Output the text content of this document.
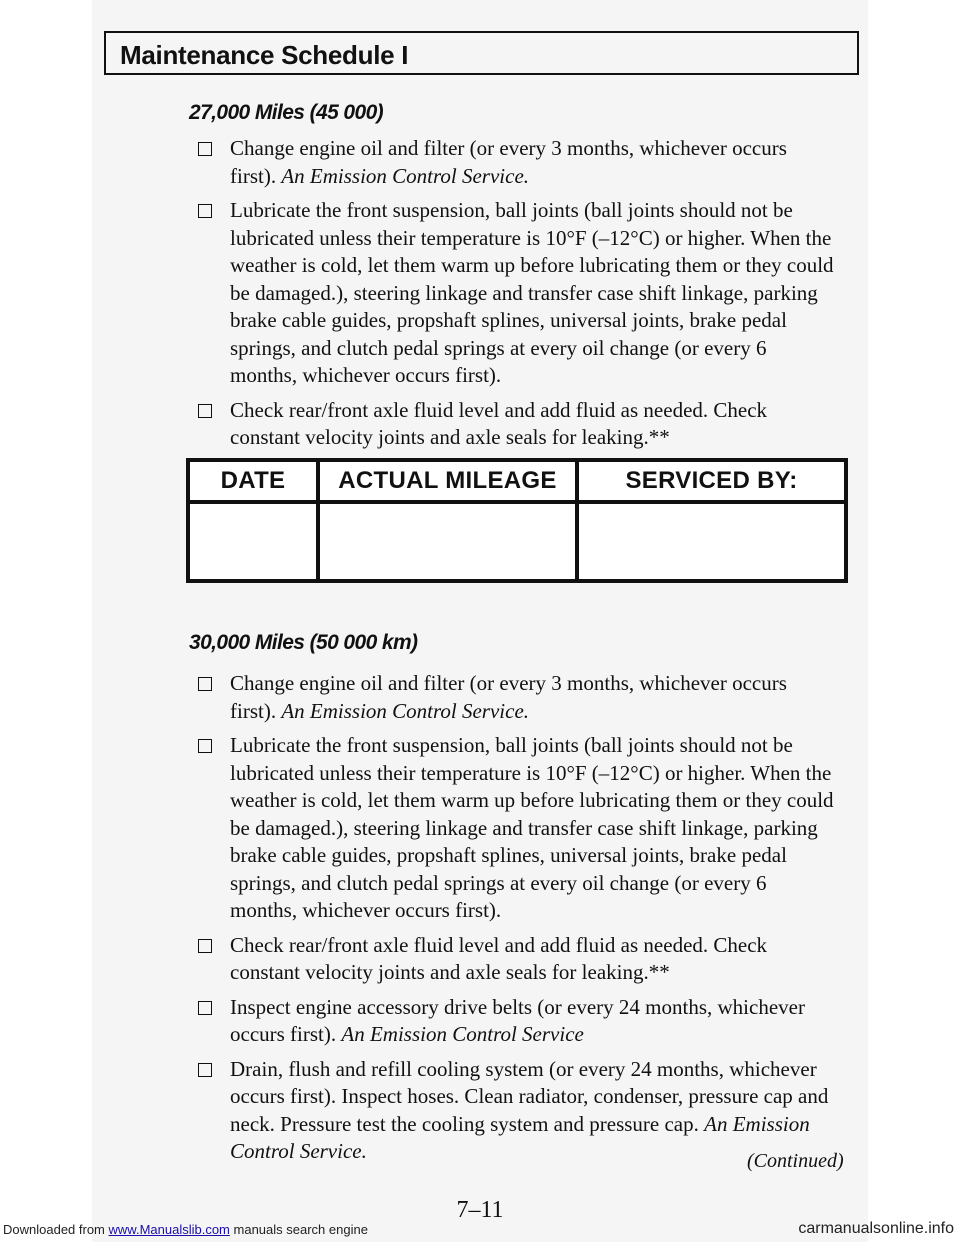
Maintenance Schedule I
27,000 Miles (45 000)
Change engine oil and filter (or every 3 months, whichever occurs first). An Emission Control Service.
Lubricate the front suspension, ball joints (ball joints should not be lubricated unless their temperature is 10°F (–12°C) or higher. When the weather is cold, let them warm up before lubricating them or they could be damaged.), steering linkage and transfer case shift linkage, parking brake cable guides, propshaft splines, universal joints, brake pedal springs, and clutch pedal springs at every oil change (or every 6 months, whichever occurs first).
Check rear/front axle fluid level and add fluid as needed. Check constant velocity joints and axle seals for leaking.**
DATE	ACTUAL MILEAGE	SERVICED BY:
30,000 Miles (50 000 km)
Change engine oil and filter (or every 3 months, whichever occurs first). An Emission Control Service.
Lubricate the front suspension, ball joints (ball joints should not be lubricated unless their temperature is 10°F (–12°C) or higher. When the weather is cold, let them warm up before lubricating them or they could be damaged.), steering linkage and transfer case shift linkage, parking brake cable guides, propshaft splines, universal joints, brake pedal springs, and clutch pedal springs at every oil change (or every 6 months, whichever occurs first).
Check rear/front axle fluid level and add fluid as needed. Check constant velocity joints and axle seals for leaking.**
Inspect engine accessory drive belts (or every 24 months, whichever occurs first). An Emission Control Service
Drain, flush and refill cooling system (or every 24 months, whichever occurs first). Inspect hoses. Clean radiator, condenser, pressure cap and neck. Pressure test the cooling system and pressure cap. An Emission Control Service.	(Continued)
7–11
Downloaded from www.Manualslib.com manuals search engine	carmanualsonline.info
